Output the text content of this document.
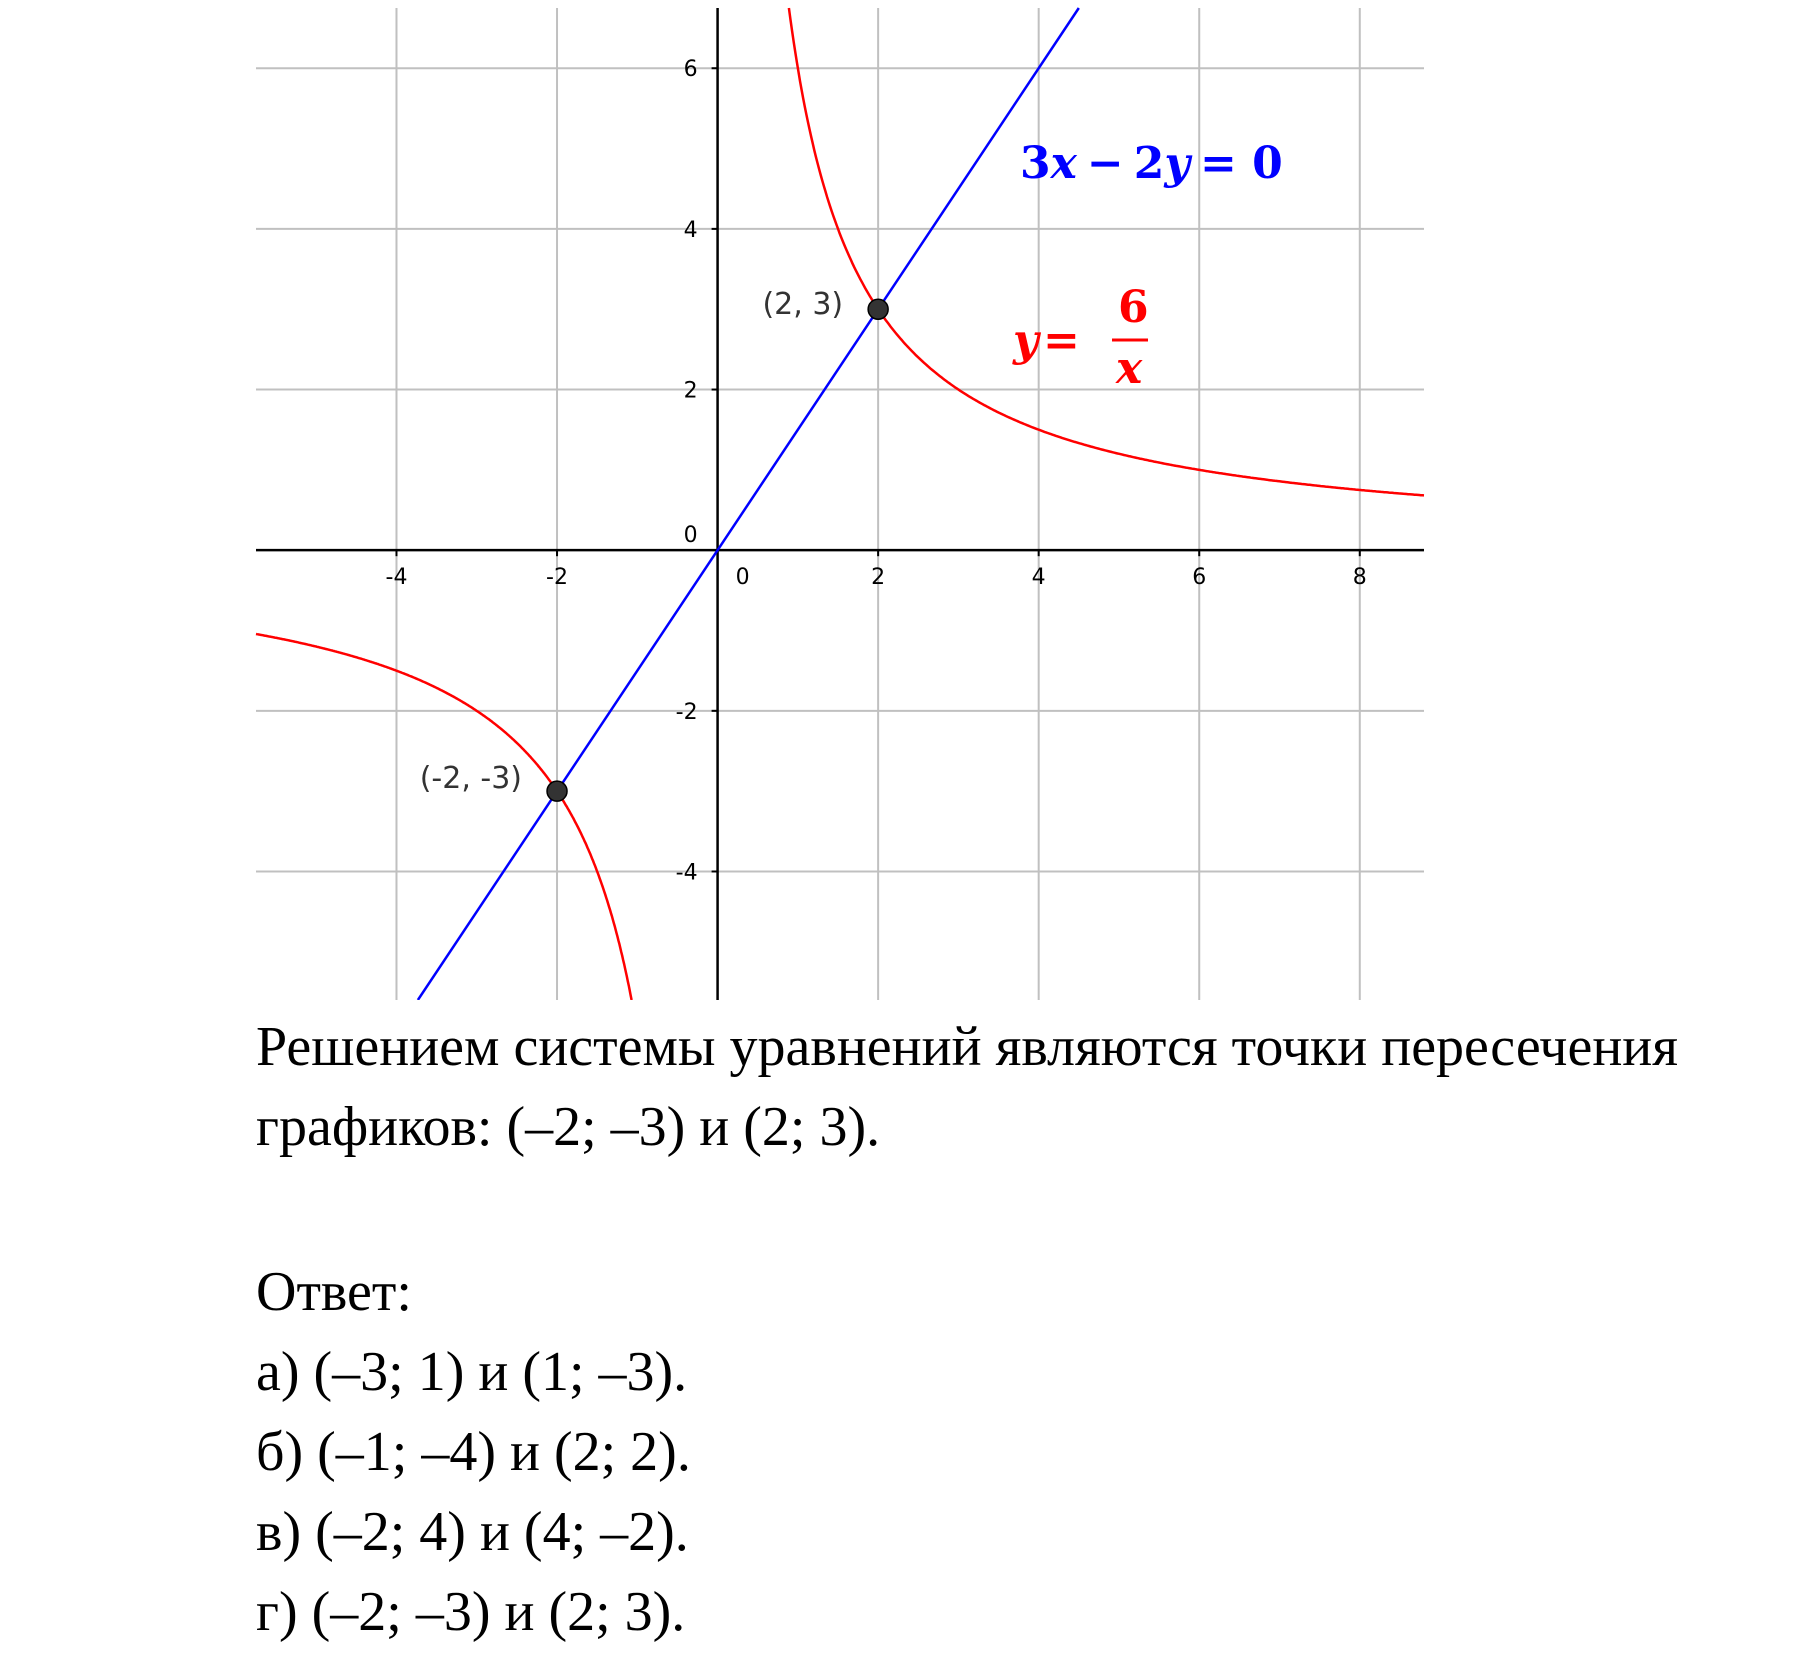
-4	-2	0	2	4	6	8
-4
-2
0
2
4
6
(2, 3)
(-2, -3)
3x − 2y = 0
y =
6
x
Решением системы уравнений являются точки пересечения
графиков: (–2; –3) и (2; 3).
Ответ:
а) (–3; 1) и (1; –3).
б) (–1; –4) и (2; 2).
в) (–2; 4) и (4; –2).
г) (–2; –3) и (2; 3).
